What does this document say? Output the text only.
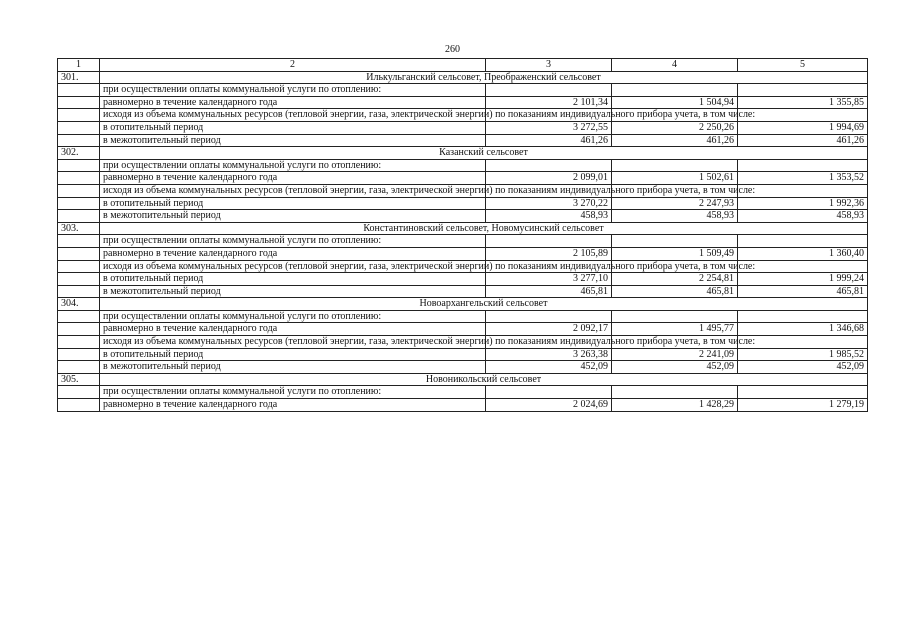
260
1	2	3	4	5
301.	Илькульганский сельсовет, Преображенский сельсовет			
	при осуществлении оплаты коммунальной услуги по отоплению:			
	равномерно в течение календарного года	2 101,34	1 504,94	1 355,85
	исходя из объема коммунальных ресурсов (тепловой энергии, газа, электрической энергии) по показаниям индивидуального прибора учета, в том числе:			
	в отопительный период	3 272,55	2 250,26	1 994,69
	в межотопительный период	461,26	461,26	461,26
302.	Казанский сельсовет			
	при осуществлении оплаты коммунальной услуги по отоплению:			
	равномерно в течение календарного года	2 099,01	1 502,61	1 353,52
	исходя из объема коммунальных ресурсов (тепловой энергии, газа, электрической энергии) по показаниям индивидуального прибора учета, в том числе:			
	в отопительный период	3 270,22	2 247,93	1 992,36
	в межотопительный период	458,93	458,93	458,93
303.	Константиновский сельсовет, Новомусинский сельсовет			
	при осуществлении оплаты коммунальной услуги по отоплению:			
	равномерно в течение календарного года	2 105,89	1 509,49	1 360,40
	исходя из объема коммунальных ресурсов (тепловой энергии, газа, электрической энергии) по показаниям индивидуального прибора учета, в том числе:			
	в отопительный период	3 277,10	2 254,81	1 999,24
	в межотопительный период	465,81	465,81	465,81
304.	Новоархангельский сельсовет			
	при осуществлении оплаты коммунальной услуги по отоплению:			
	равномерно в течение календарного года	2 092,17	1 495,77	1 346,68
	исходя из объема коммунальных ресурсов (тепловой энергии, газа, электрической энергии) по показаниям индивидуального прибора учета, в том числе:			
	в отопительный период	3 263,38	2 241,09	1 985,52
	в межотопительный период	452,09	452,09	452,09
305.	Новоникольский сельсовет			
	при осуществлении оплаты коммунальной услуги по отоплению:			
	равномерно в течение календарного года	2 024,69	1 428,29	1 279,19
